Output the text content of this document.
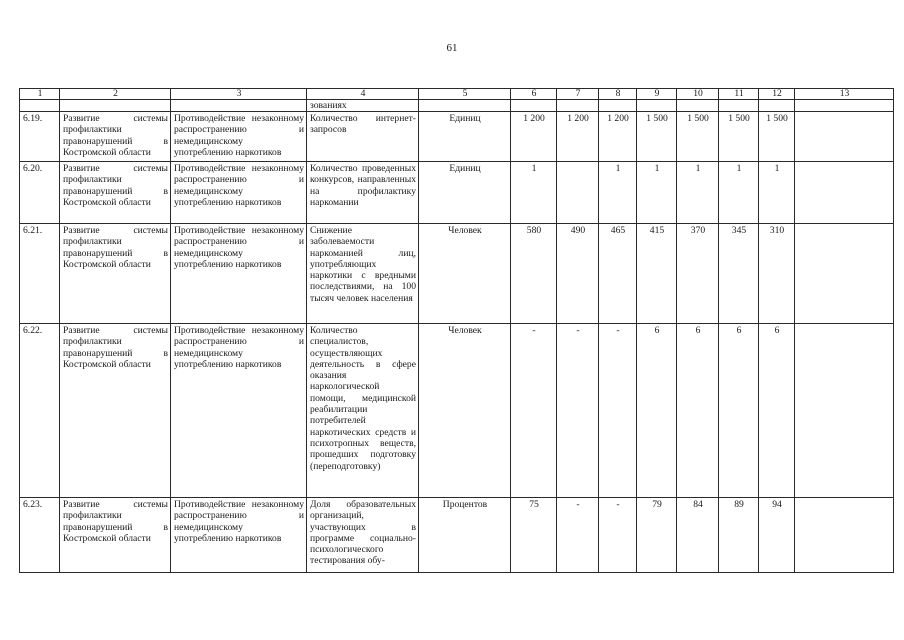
61
1	2	3	4	5	6	7	8	9	10	11	12	13
			зованиях									
6.19.	Развитие системы профилактики правонарушений в Костромской области	Противодействие незаконному распространению и немедицинскому употреблению наркотиков	Количество интернет-запросов	Единиц	1 200	1 200	1 200	1 500	1 500	1 500	1 500	
6.20.	Развитие системы профилактики правонарушений в Костромской области	Противодействие незаконному распространению и немедицинскому употреблению наркотиков	Количество проведенных конкурсов, направленных на профилактику наркомании	Единиц	1		1	1	1	1	1	
6.21.	Развитие системы профилактики правонарушений в Костромской области	Противодействие незаконному распространению и немедицинскому употреблению наркотиков	Снижение заболеваемости наркоманией лиц, употребляющих наркотики с вредными последствиями, на 100 тысяч человек населения	Человек	580	490	465	415	370	345	310	
6.22.	Развитие системы профилактики правонарушений в Костромской области	Противодействие незаконному распространению и немедицинскому употреблению наркотиков	Количество специалистов, осуществляющих деятельность в сфере оказания наркологической помощи, медицинской реабилитации потребителей наркотических средств и психотропных веществ, прошедших подготовку (переподготовку)	Человек	-	-	-	6	6	6	6	
6.23.	Развитие системы профилактики правонарушений в Костромской области	Противодействие незаконному распространению и немедицинскому употреблению наркотиков	Доля образовательных организаций, участвующих в программе социально-психологического тестирования обу-	Процентов	75	-	-	79	84	89	94	
